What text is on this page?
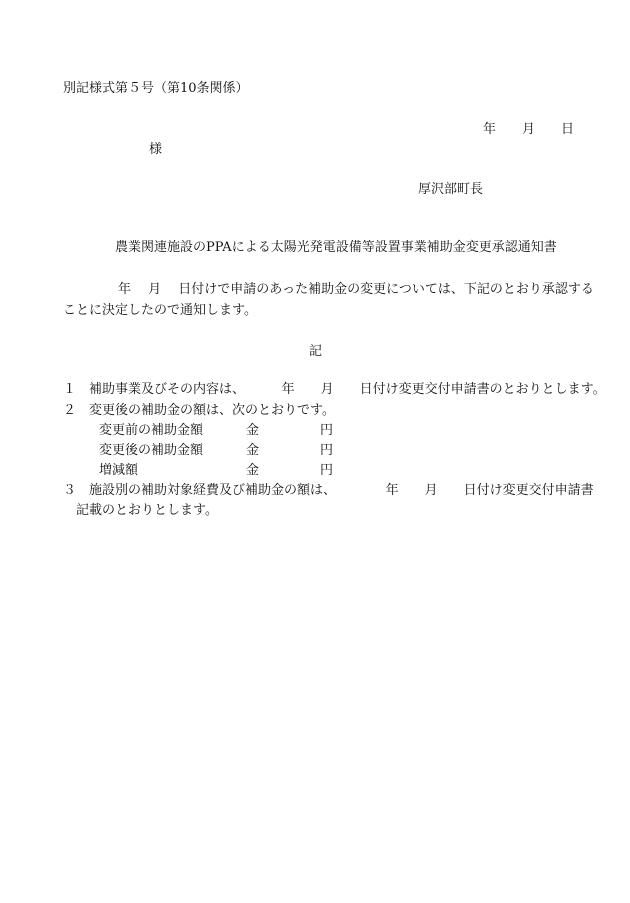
別記様式第５号（第10条関係）
年　　月　　日
様
厚沢部町長
農業関連施設のPPAによる太陽光発電設備等設置事業補助金変更承認通知書
年　 月　 日付けで申請のあった補助金の変更については、下記のとおり承認する
ことに決定したので通知します。
記
１　補助事業及びその内容は、　　　 年　　月　　日付け変更交付申請書のとおりとします。
２　変更後の補助金の額は、次のとおりです。
変更前の補助金額	金	円
変更後の補助金額	金	円
増減額	金	円
３　施設別の補助対象経費及び補助金の額は、　　　　 年　　月　　日付け変更交付申請書
記載のとおりとします。
